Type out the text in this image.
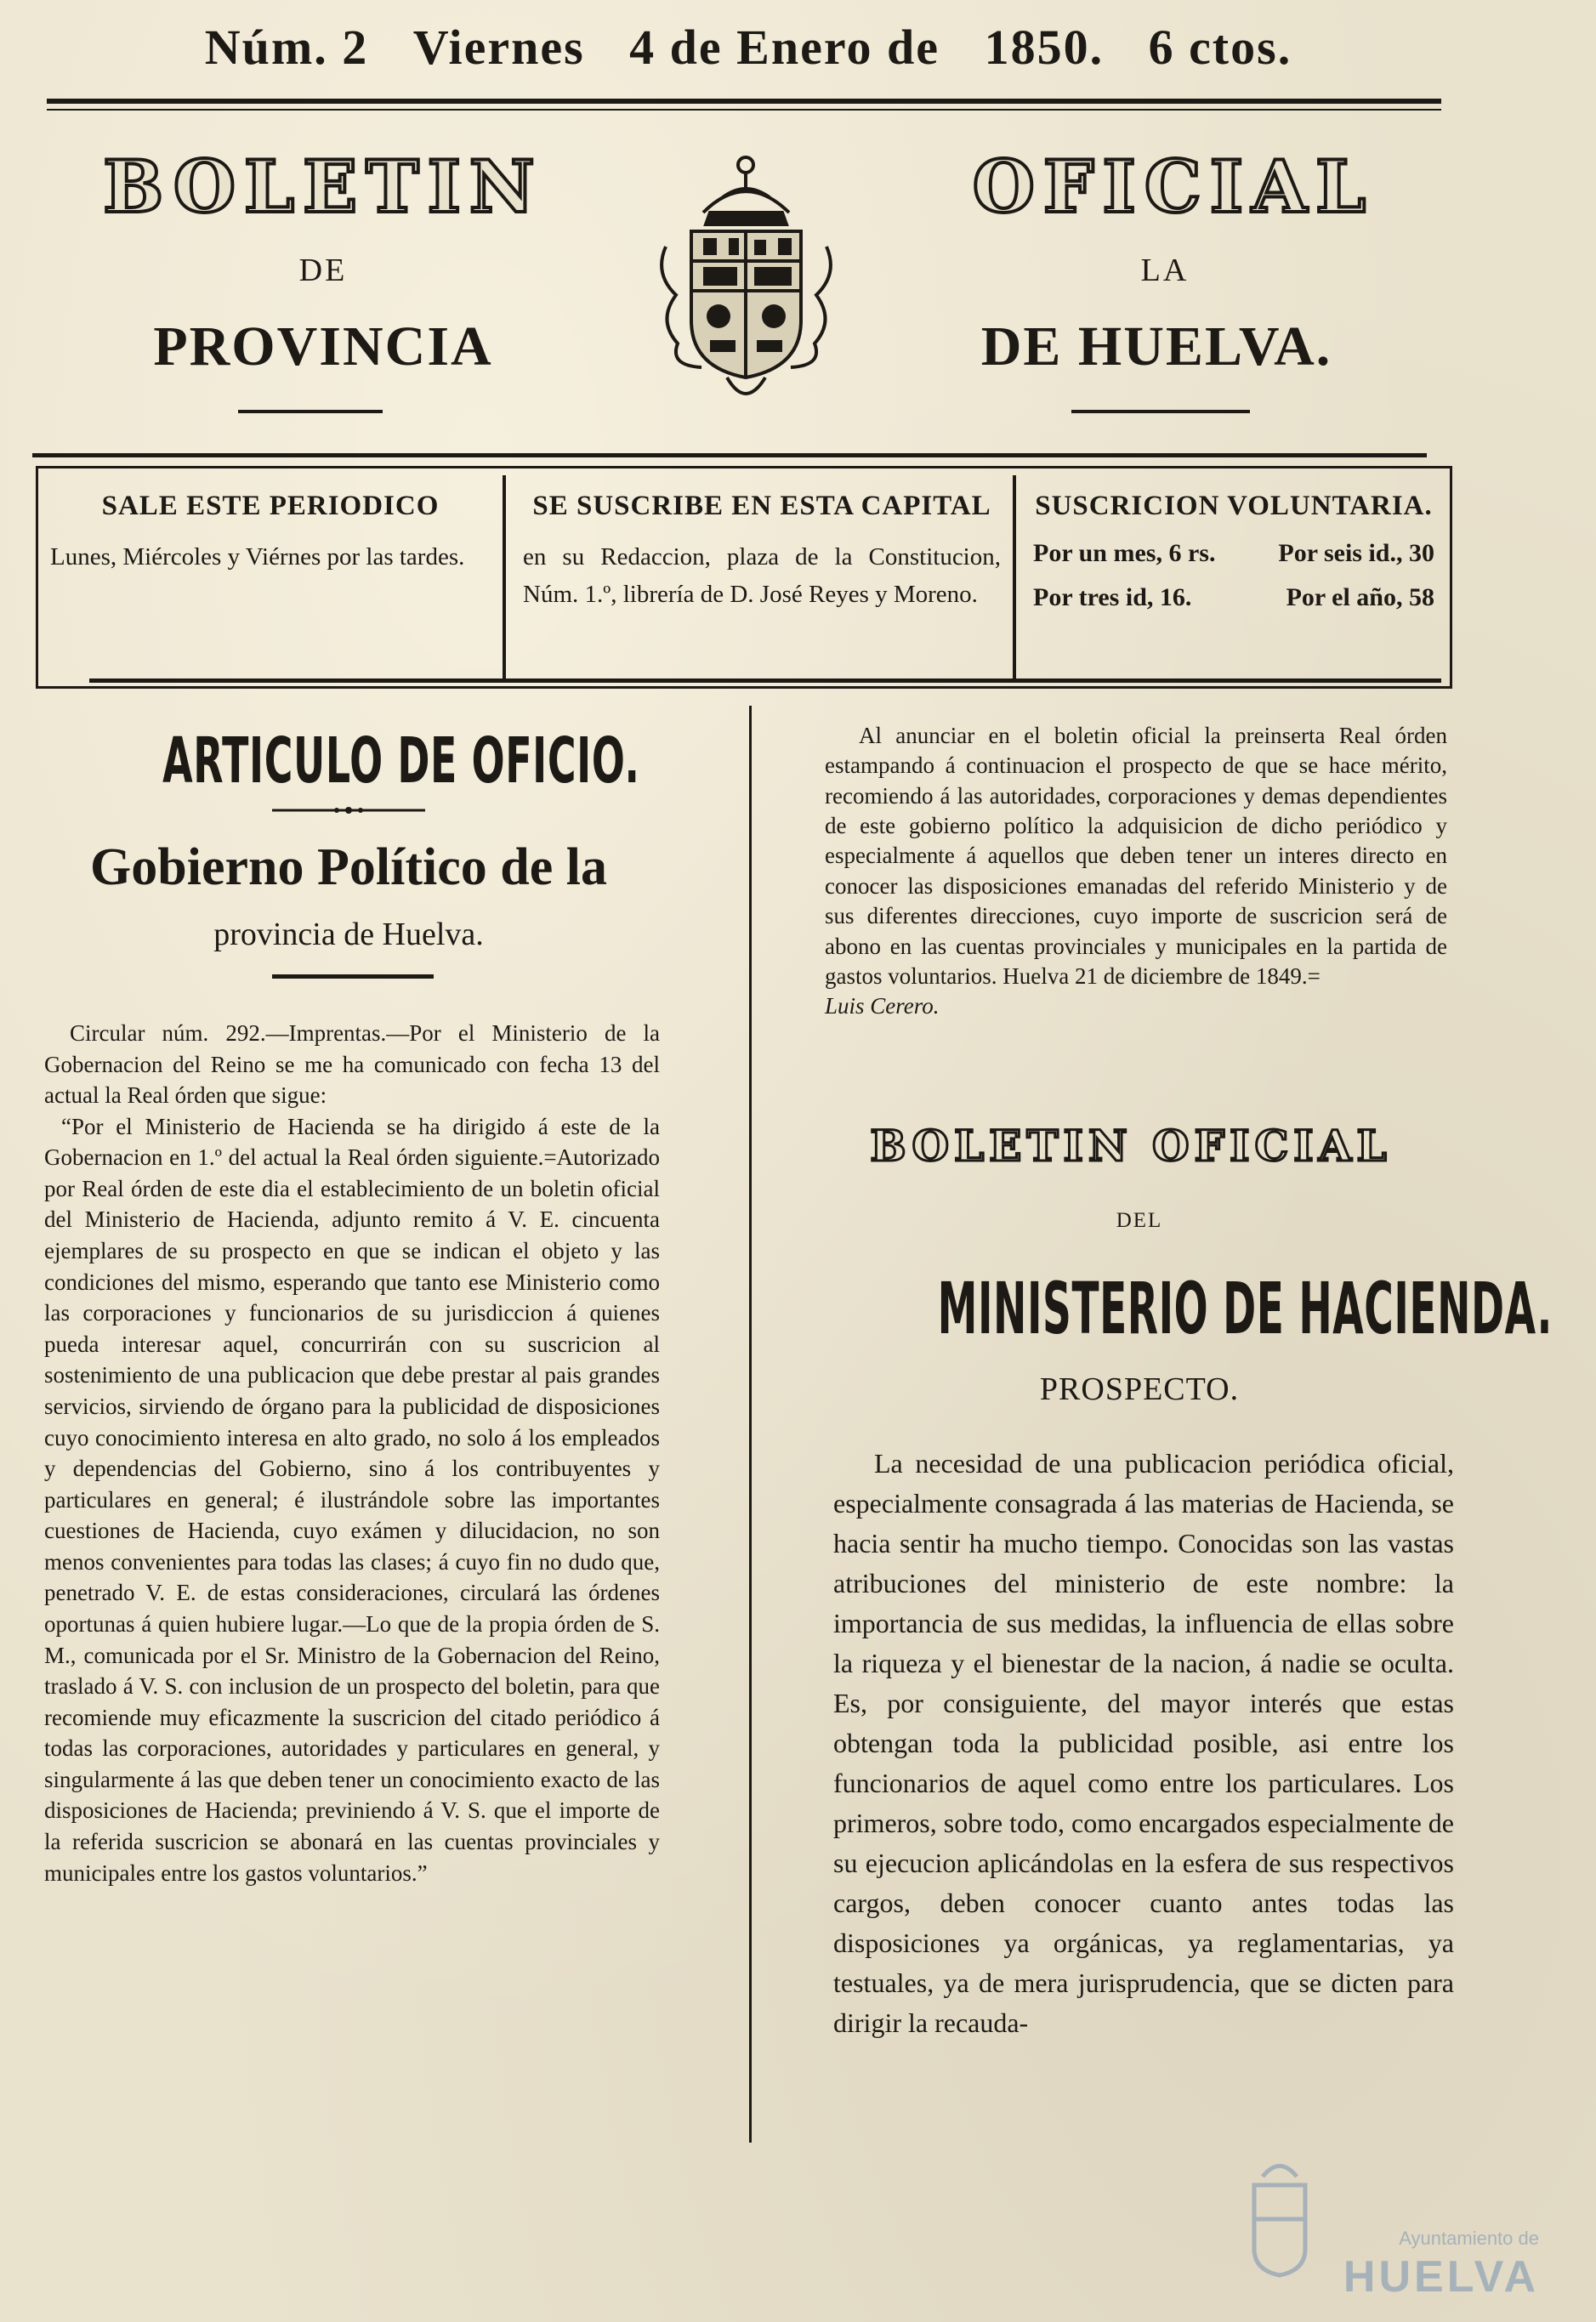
Núm. 2 Viernes 4 de Enero de 1850. 6 ctos.
BOLETIN	OFICIAL
DE	LA
PROVINCIA	DE HUELVA.
SALE ESTE PERIODICO

Lunes, Miércoles y Viérnes por las tardes.

SE SUSCRIBE EN ESTA CAPITAL

en su Redaccion, plaza de la Constitucion, Núm. 1.º, librería de D. José Reyes y Moreno.

SUSCRICION VOLUNTARIA.
Por un mes, 6 rs. Por seis id., 30
Por tres id, 16.	Por el año, 58
ARTICULO DE OFICIO.
Gobierno Político de la
provincia de Huelva.

Circular núm. 292.—Imprentas.—Por el Ministerio de la Gobernacion del Reino se me ha comunicado con fecha 13 del actual la Real órden que sigue:

“Por el Ministerio de Hacienda se ha dirigido á este de la Gobernacion en 1.º del actual la Real órden siguiente.=Autorizado por Real órden de este dia el establecimiento de un boletin oficial del Ministerio de Hacienda, adjunto remito á V. E. cincuenta ejemplares de su prospecto en que se indican el objeto y las condiciones del mismo, esperando que tanto ese Ministerio como las corporaciones y funcionarios de su jurisdiccion á quienes pueda interesar aquel, concurrirán con su suscricion al sostenimiento de una publicacion que debe prestar al pais grandes servicios, sirviendo de órgano para la publicidad de disposiciones cuyo conocimiento interesa en alto grado, no solo á los empleados y dependencias del Gobierno, sino á los contribuyentes y particulares en general; é ilustrándole sobre las importantes cuestiones de Hacienda, cuyo exámen y dilucidacion, no son menos convenientes para todas las clases; á cuyo fin no dudo que, penetrado V. E. de estas consideraciones, circulará las órdenes oportunas á quien hubiere lugar.—Lo que de la propia órden de S. M., comunicada por el Sr. Ministro de la Gobernacion del Reino, traslado á V. S. con inclusion de un prospecto del boletin, para que recomiende muy eficazmente la suscricion del citado periódico á todas las corporaciones, autoridades y particulares en general, y singularmente á las que deben tener un conocimiento exacto de las disposiciones de Hacienda; previniendo á V. S. que el importe de la referida suscricion se abonará en las cuentas provinciales y municipales entre los gastos voluntarios.”

Al anunciar en el boletin oficial la preinserta Real órden estampando á continuacion el prospecto de que se hace mérito, recomiendo á las autoridades, corporaciones y demas dependientes de este gobierno político la adquisicion de dicho periódico y especialmente á aquellos que deben tener un interes directo en conocer las disposiciones emanadas del referido Ministerio y de sus diferentes direcciones, cuyo importe de suscricion será de abono en las cuentas provinciales y municipales en la partida de gastos voluntarios. Huelva 21 de diciembre de 1849.=

Luis Cerero.

BOLETIN OFICIAL
DEL
MINISTERIO DE HACIENDA.
PROSPECTO.

La necesidad de una publicacion periódica oficial, especialmente consagrada á las materias de Hacienda, se hacia sentir ha mucho tiempo. Conocidas son las vastas atribuciones del ministerio de este nombre: la importancia de sus medidas, la influencia de ellas sobre la riqueza y el bienestar de la nacion, á nadie se oculta. Es, por consiguiente, del mayor interés que estas obtengan toda la publicidad posible, asi entre los funcionarios de aquel como entre los particulares. Los primeros, sobre todo, como encargados especialmente de su ejecucion aplicándolas en la esfera de sus respectivos cargos, deben conocer cuanto antes todas las disposiciones ya orgánicas, ya reglamentarias, ya testuales, ya de mera jurisprudencia, que se dicten para dirigir la recauda-

Ayuntamiento de
HUELVA
